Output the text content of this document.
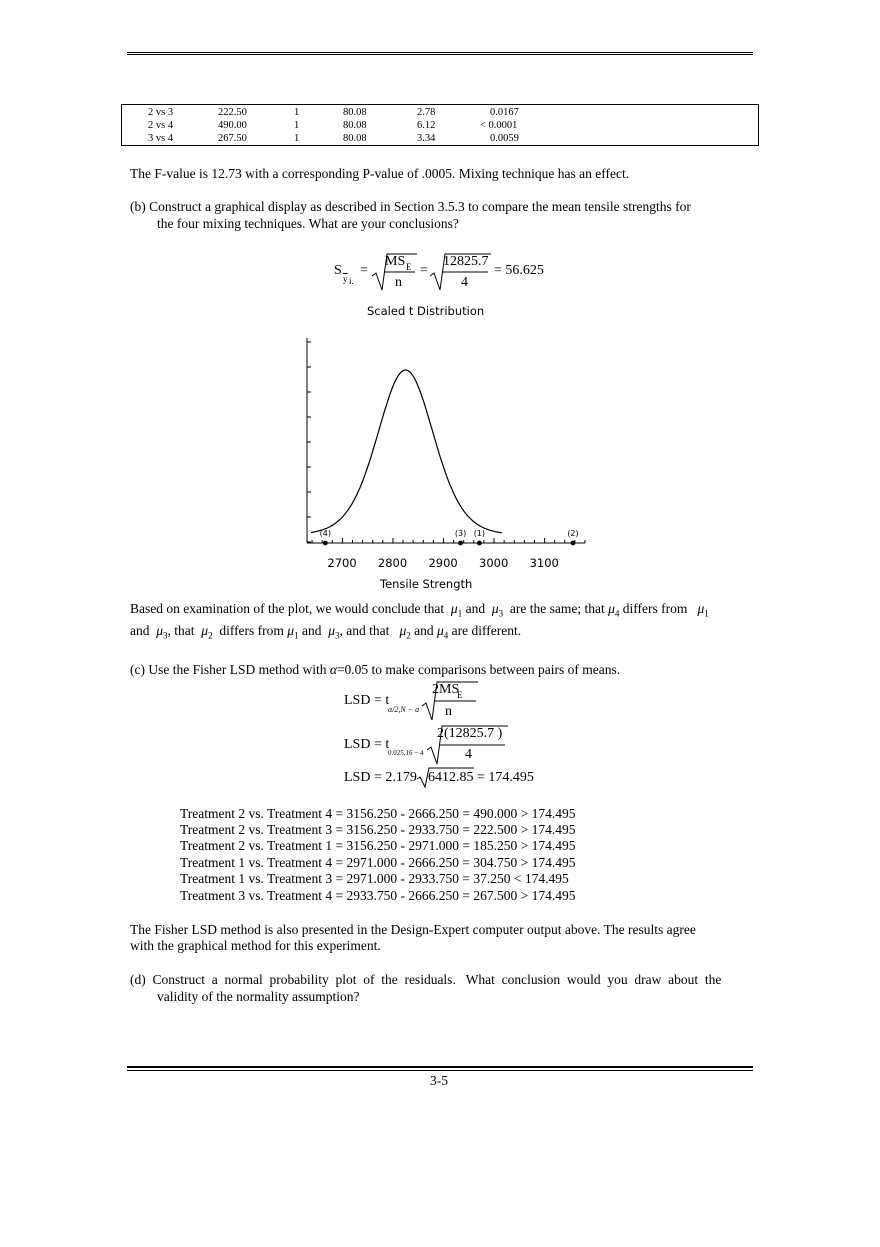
2 vs 3	222.50	1	80.08	2.78	0.0167
2 vs 4	490.00	1	80.08	6.12	< 0.0001
3 vs 4	267.50	1	80.08	3.34	0.0059
The F-value is 12.73 with a corresponding P-value of .0005. Mixing technique has an effect.
(b) Construct a graphical display as described in Section 3.5.3 to compare the mean tensile strengths for
the four mixing techniques. What are your conclusions?
S
$\overline{y}$ i.
=
MS E
n
=
12825.7
4
= 56.625
Scaled t Distribution
(4)	(3) (1)	(2)
2700 2800 2900 3000 3100
Tensile Strength
Based on examination of the plot, we would conclude that $\mu_1$ and $\mu_3$ are the same; that $\mu_4$ differs from $\mu_1$
and $\mu_3$, that $\mu_2$ differs from $\mu_1$ and $\mu_3$, and that $\mu_2$ and $\mu_4$ are different.
(c) Use the Fisher LSD method with α=0.05 to make comparisons between pairs of means.
LSD = t
α/2,N − a
2MS
E
n
LSD = t
0.025,16 − 4
2(12825.7 )
4
LSD = 2.179 6412.85 = 174.495
Treatment 2 vs. Treatment 4 = 3156.250 - 2666.250 = 490.000 > 174.495
Treatment 2 vs. Treatment 3 = 3156.250 - 2933.750 = 222.500 > 174.495
Treatment 2 vs. Treatment 1 = 3156.250 - 2971.000 = 185.250 > 174.495
Treatment 1 vs. Treatment 4 = 2971.000 - 2666.250 = 304.750 > 174.495
Treatment 1 vs. Treatment 3 = 2971.000 - 2933.750 = 37.250 < 174.495
Treatment 3 vs. Treatment 4 = 2933.750 - 2666.250 = 267.500 > 174.495
The Fisher LSD method is also presented in the Design-Expert computer output above. The results agree
with the graphical method for this experiment.
(d)  Construct  a  normal  probability  plot  of  the  residuals.   What  conclusion  would  you  draw  about  the
validity of the normality assumption?
3-5
